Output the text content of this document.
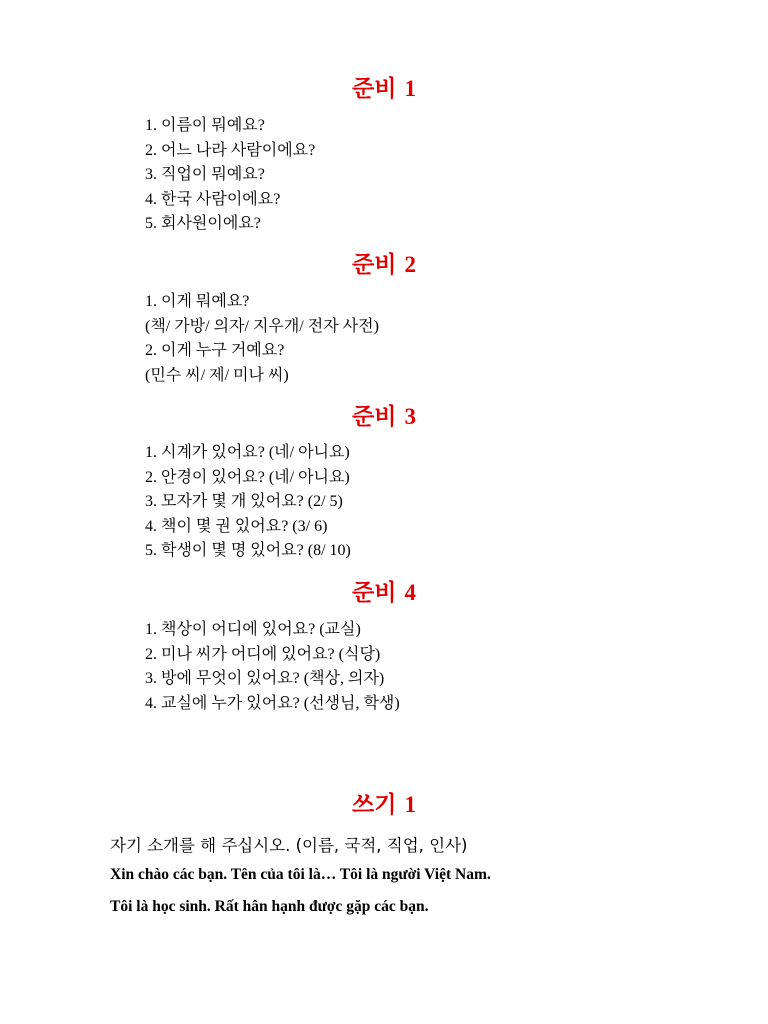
준비 1
1. 이름이 뭐예요?
2. 어느 나라 사람이에요?
3. 직업이 뭐예요?
4. 한국 사람이에요?
5. 회사원이에요?
준비 2
1. 이게 뭐예요?
(책/ 가방/ 의자/ 지우개/ 전자 사전)
2. 이게 누구 거예요?
(민수 씨/ 제/ 미나 씨)
준비 3
1. 시계가 있어요? (네/ 아니요)
2. 안경이 있어요? (네/ 아니요)
3. 모자가 몇 개 있어요? (2/ 5)
4. 책이 몇 권 있어요? (3/ 6)
5. 학생이 몇 명 있어요? (8/ 10)
준비 4
1. 책상이 어디에 있어요? (교실)
2. 미나 씨가 어디에 있어요? (식당)
3. 방에 무엇이 있어요? (책상, 의자)
4. 교실에 누가 있어요? (선생님, 학생)
쓰기 1
자기 소개를 해 주십시오. (이름, 국적, 직업, 인사)
Xin chào các bạn. Tên của tôi là… Tôi là người Việt Nam.
Tôi là học sinh. Rất hân hạnh được gặp các bạn.
